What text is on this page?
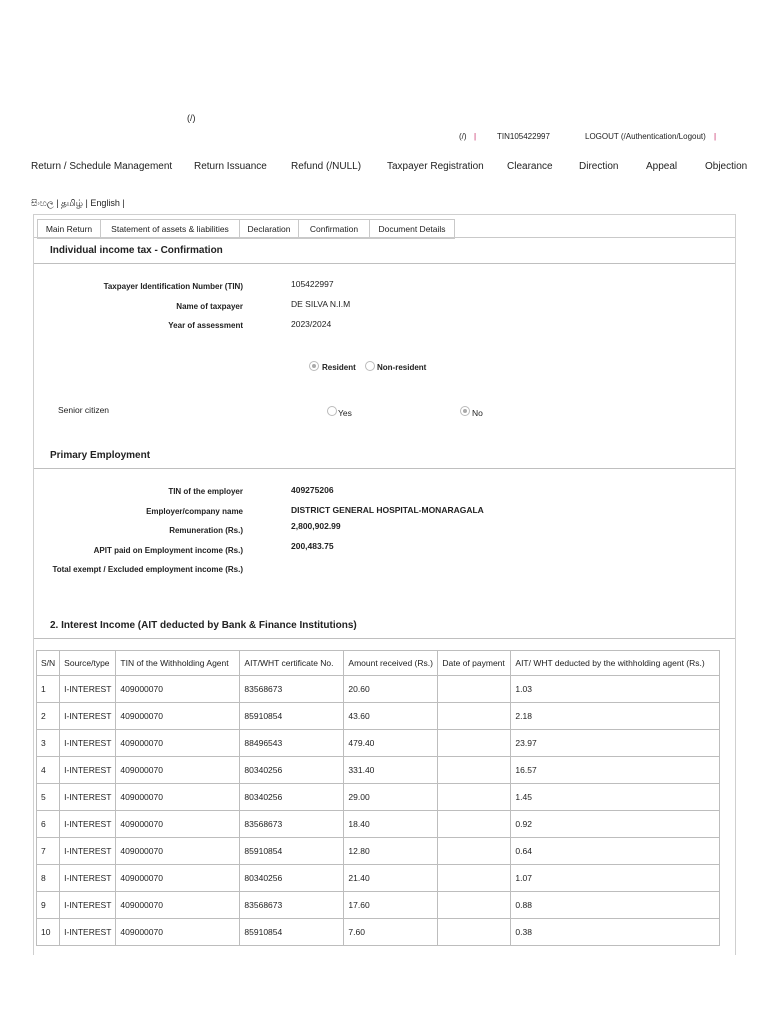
(/)
(/) |	TIN105422997	LOGOUT (/Authentication/Logout) |
Return / Schedule Management Return Issuance Refund (/NULL)	Taxpayer Registration Clearance	Direction	Appeal	Objection
සිංහල | தமிழ் | English |
Main Return	Statement of assets & liabilities	Declaration	Confirmation	Document Details
Individual income tax - Confirmation
Taxpayer Identification Number (TIN)	105422997
Name of taxpayer	DE SILVA N.I.M
Year of assessment	2023/2024
Resident	Non-resident
Senior citizen	Yes	No
Primary Employment
TIN of the employer	409275206
Employer/company name	DISTRICT GENERAL HOSPITAL-MONARAGALA
Remuneration (Rs.)	2,800,902.99
APIT paid on Employment income (Rs.)	200,483.75
Total exempt / Excluded employment income (Rs.)
2. Interest Income (AIT deducted by Bank & Finance Institutions)
S/N	Source/type	TIN of the Withholding Agent	AIT/WHT certificate No.	Amount received (Rs.)	Date of payment	AIT/ WHT deducted by the withholding agent (Rs.)
1	I-INTEREST	409000070	83568673	20.60		1.03
2	I-INTEREST	409000070	85910854	43.60		2.18
3	I-INTEREST	409000070	88496543	479.40		23.97
4	I-INTEREST	409000070	80340256	331.40		16.57
5	I-INTEREST	409000070	80340256	29.00		1.45
6	I-INTEREST	409000070	83568673	18.40		0.92
7	I-INTEREST	409000070	85910854	12.80		0.64
8	I-INTEREST	409000070	80340256	21.40		1.07
9	I-INTEREST	409000070	83568673	17.60		0.88
10	I-INTEREST	409000070	85910854	7.60		0.38
